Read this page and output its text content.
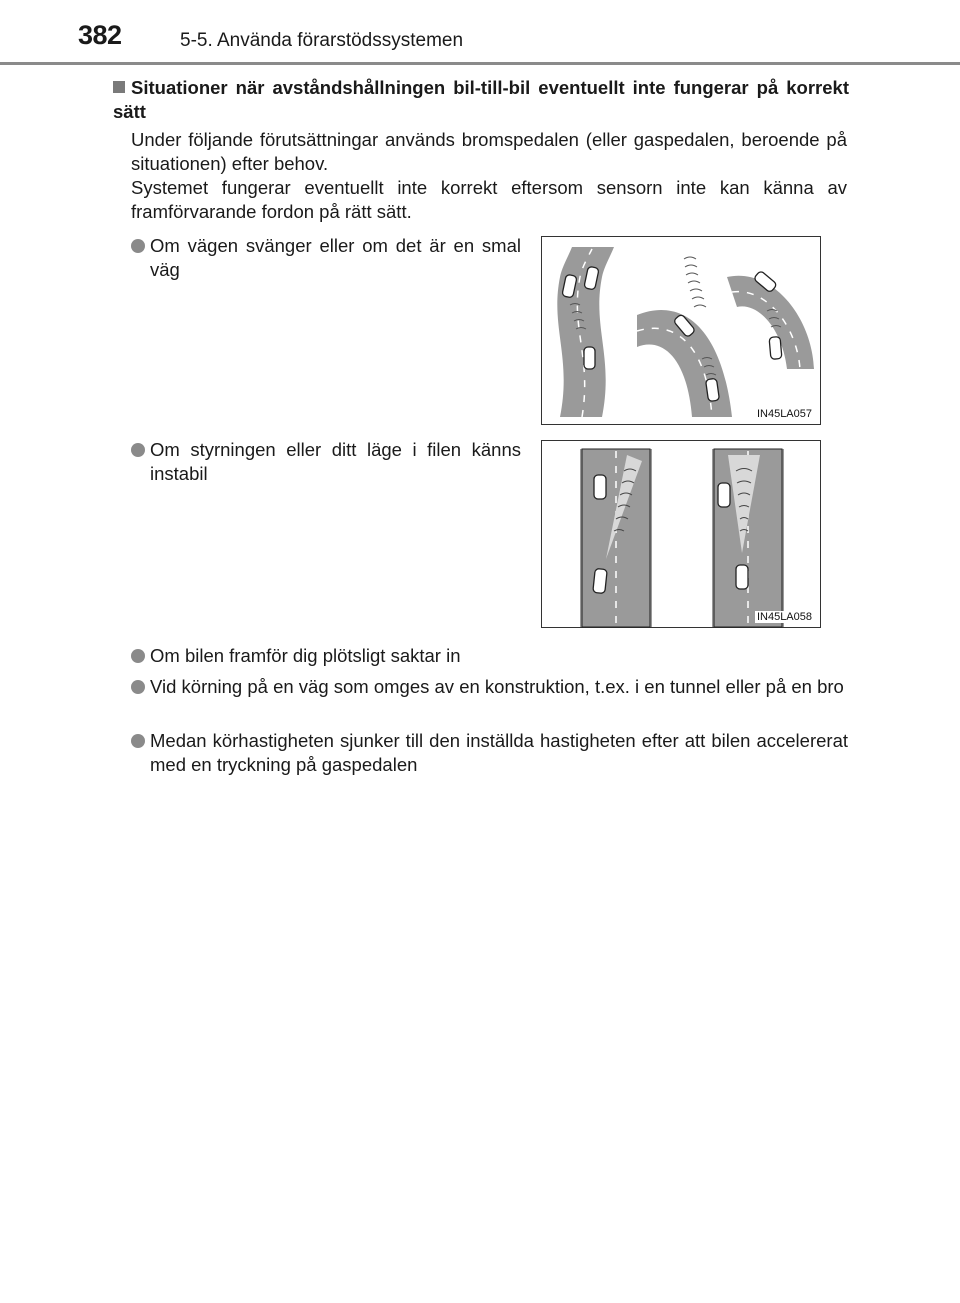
382	5-5. Använda förarstödssystemen
Situationer när avståndshållningen bil-till-bil eventuellt inte fungerar på korrekt sätt

Under följande förutsättningar används bromspedalen (eller gaspedalen, beroende på situationen) efter behov.

Systemet fungerar eventuellt inte korrekt eftersom sensorn inte kan känna av framförvarande fordon på rätt sätt.

Om vägen svänger eller om det är en smal väg
IN45LA057
Om styrningen eller ditt läge i filen känns instabil
IN45LA058
Om bilen framför dig plötsligt saktar in
Vid körning på en väg som omges av en konstruktion, t.ex. i en tunnel eller på en bro
Medan körhastigheten sjunker till den inställda hastigheten efter att bilen accelererat med en tryckning på gaspedalen
